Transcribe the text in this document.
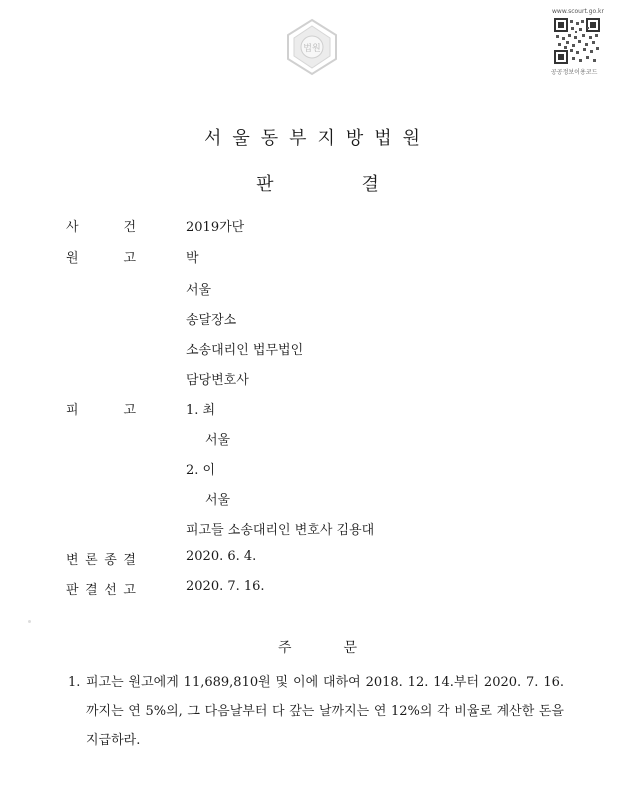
법원
www.scourt.go.kr
공공정보이용코드
서울동부지방법원
판	결
사	건	2019가단
원	고	박
서울
송달장소
소송대리인 법무법인
담당변호사
피	고	1. 최
서울
2. 이
서울
피고들 소송대리인 변호사 김용대
변 론 종 결	2020. 6. 4.
판 결 선 고	2020. 7. 16.
주	문
1. 피고는 원고에게 11,689,810원 및 이에 대하여 2018. 12. 14.부터 2020. 7. 16.까지는 연 5%의, 그 다음날부터 다 갚는 날까지는 연 12%의 각 비율로 계산한 돈을 지급하라.
